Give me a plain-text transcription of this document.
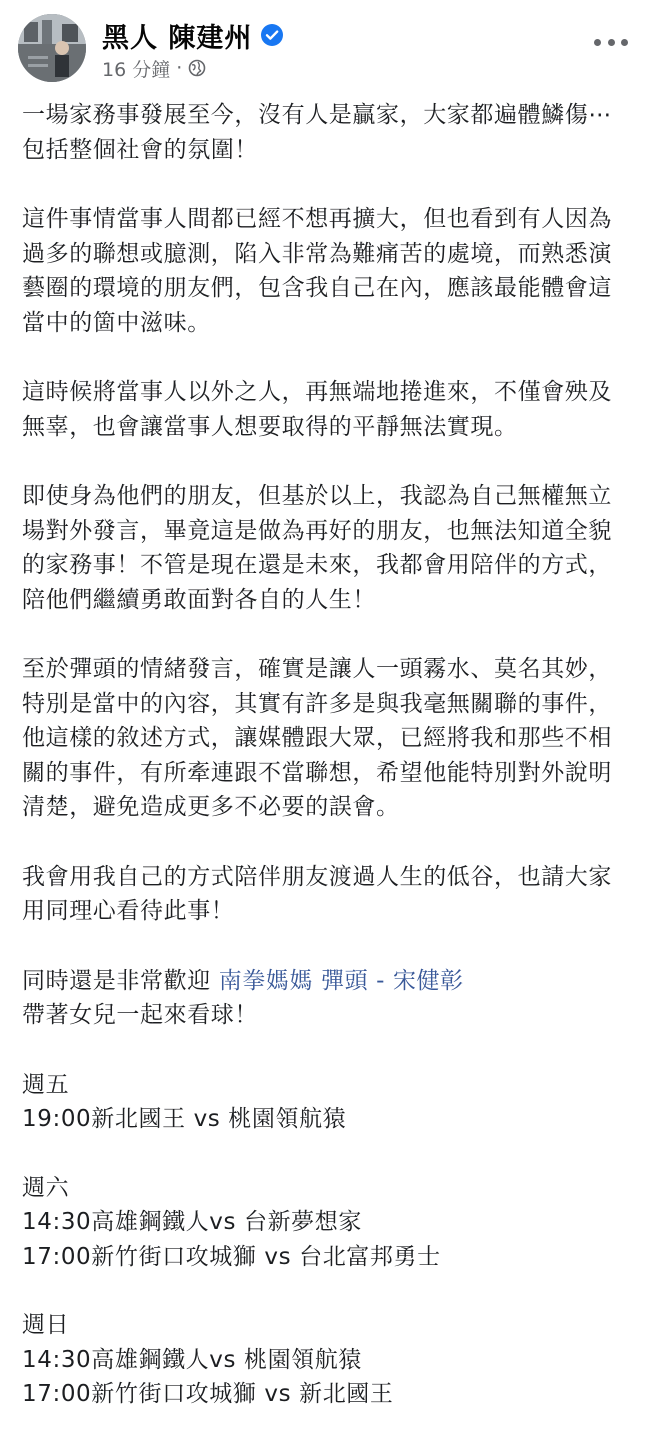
黑人 陳建州
16 分鐘 ·

一場家務事發展至今，沒有人是贏家，大家都遍體鱗傷⋯包括整個社會的氛圍！

這件事情當事人間都已經不想再擴大，但也看到有人因為過多的聯想或臆測，陷入非常為難痛苦的處境，而熟悉演藝圈的環境的朋友們，包含我自己在內，應該最能體會這當中的箇中滋味。

這時候將當事人以外之人，再無端地捲進來，不僅會殃及無辜，也會讓當事人想要取得的平靜無法實現。

即使身為他們的朋友，但基於以上，我認為自己無權無立場對外發言，畢竟這是做為再好的朋友，也無法知道全貌的家務事！不管是現在還是未來，我都會用陪伴的方式，陪他們繼續勇敢面對各自的人生！

至於彈頭的情緒發言，確實是讓人一頭霧水、莫名其妙，特別是當中的內容，其實有許多是與我毫無關聯的事件，他這樣的敘述方式，讓媒體跟大眾，已經將我和那些不相關的事件，有所牽連跟不當聯想，希望他能特別對外說明清楚，避免造成更多不必要的誤會。

我會用我自己的方式陪伴朋友渡過人生的低谷，也請大家用同理心看待此事！

同時還是非常歡迎 南拳媽媽 彈頭 - 宋健彰
帶著女兒一起來看球！

週五
19:00新北國王 vs 桃園領航猿
週六
14:30高雄鋼鐵人vs 台新夢想家
17:00新竹街口攻城獅 vs 台北富邦勇士
週日
14:30高雄鋼鐵人vs 桃園領航猿
17:00新竹街口攻城獅 vs 新北國王
